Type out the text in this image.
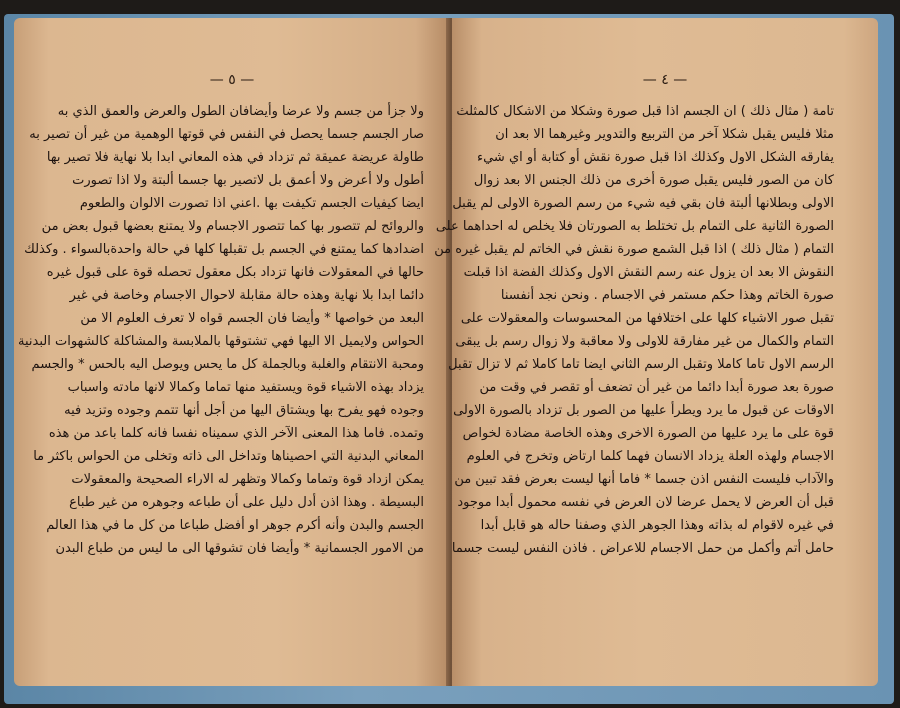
— ٥ —
ولا جزأ من جسم ولا عرضا وأيضافان الطول والعرض والعمق الذي به
صار الجسم جسما يحصل في النفس في قوتها الوهمية من غير أن تصير به
طاولة عريضة عميقة ثم تزداد في هذه المعاني ابدا بلا نهاية فلا تصير بها
أطول ولا أعرض ولا أعمق بل لاتصير بها جسما ألبتة ولا اذا تصورت
ايضا كيفيات الجسم تكيفت بها .اعني اذا تصورت الالوان والطعوم
والروائح لم تتصور بها كما تتصور الاجسام ولا يمتنع بعضها قبول بعض من
اضدادها كما يمتنع في الجسم بل تقبلها كلها في حالة واحدةبالسواء . وكذلك
حالها في المعقولات فانها تزداد بكل معقول تحصله قوة على قبول غيره
دائما ابدا بلا نهاية وهذه حالة مقابلة لاحوال الاجسام وخاصة في غير
البعد من خواصها * وأيضا فان الجسم قواه لا تعرف العلوم الا من
الحواس ولايميل الا اليها فهي تشتوقها بالملابسة والمشاكلة كالشهوات البدنية
ومحبة الانتقام والغلبة وبالجملة كل ما يحس ويوصل اليه بالحس * والجسم
يزداد بهذه الاشياء قوة ويستفيد منها تماما وكمالا لانها مادته واسباب
وجوده فهو يفرح بها ويشتاق اليها من أجل أنها تتمم وجوده وتزيد فيه
وتمده. فاما هذا المعنى الآخر الذي سميناه نفسا فانه كلما باعد من هذه
المعاني البدنية التي احصيناها وتداخل الى ذاته وتخلى من الحواس باكثر ما
يمكن ازداد قوة وتماما وكمالا وتظهر له الاراء الصحيحة والمعقولات
البسيطة . وهذا اذن أدل دليل على أن طباعه وجوهره من غير طباع
الجسم والبدن وأنه أكرم جوهر او أفضل طباعا من كل ما في هذا العالم
من الامور الجسمانية * وأيضا فان تشوقها الى ما ليس من طباع البدن
— ٤ —
تامة ( مثال ذلك ) ان الجسم اذا قبل صورة وشكلا من الاشكال كالمثلث
مثلا فليس يقبل شكلا آخر من التربيع والتدوير وغيرهما الا بعد ان
يفارقه الشكل الاول وكذلك اذا قبل صورة نقش أو كتابة أو اي شيء
كان من الصور فليس يقبل صورة أخرى من ذلك الجنس الا بعد زوال
الاولى وبطلانها ألبتة فان بقي فيه شيء من رسم الصورة الاولى لم يقبل
الصورة الثانية على التمام بل تختلط به الصورتان فلا يخلص له احداهما على
التمام ( مثال ذلك ) اذا قبل الشمع صورة نقش في الخاتم لم يقبل غيره من
النقوش الا بعد ان يزول عنه رسم النقش الاول وكذلك الفضة اذا قبلت
صورة الخاتم وهذا حكم مستمر في الاجسام . ونحن نجد أنفسنا
تقبل صور الاشياء كلها على اختلافها من المحسوسات والمعقولات على
التمام والكمال من غير مفارقة للاولى ولا معاقبة ولا زوال رسم بل يبقى
الرسم الاول تاما كاملا وتقبل الرسم الثاني ايضا تاما كاملا ثم لا تزال تقبل
صورة بعد صورة أبدا دائما من غير أن تضعف أو تقصر في وقت من
الاوقات عن قبول ما يرد ويطرأ عليها من الصور بل تزداد بالصورة الاولى
قوة على ما يرد عليها من الصورة الاخرى وهذه الخاصة مضادة لخواص
الاجسام ولهذه العلة يزداد الانسان فهما كلما ارتاض وتخرج في العلوم
والآداب فليست النفس اذن جسما * فاما أنها ليست بعرض فقد تبين من
قبل أن العرض لا يحمل عرضا لان العرض في نفسه محمول أبدا موجود
في غيره لاقوام له بذاته وهذا الجوهر الذي وصفنا حاله هو قابل أبدا
حامل أتم وأكمل من حمل الاجسام للاعراض . فاذن النفس ليست جسما
